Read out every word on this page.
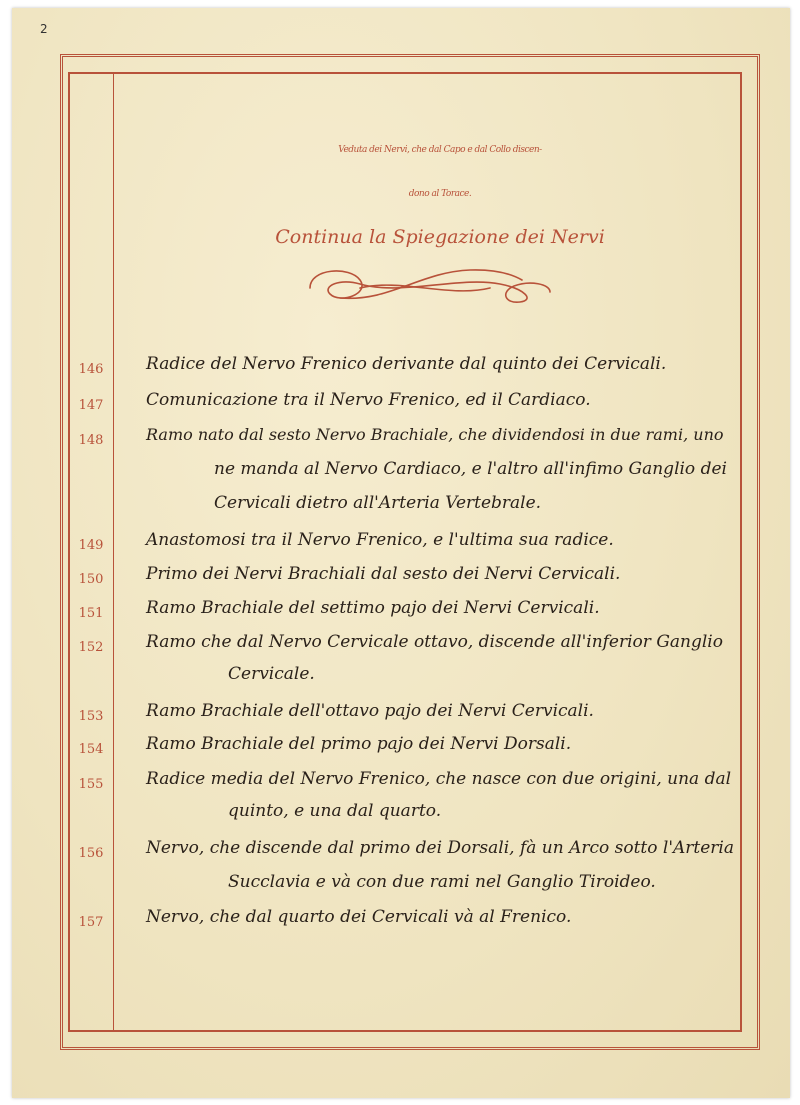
2
Veduta dei Nervi, che dal Capo e dal Collo discen-
dono al Torace.
Continua la Spiegazione dei Nervi
146	Radice del Nervo Frenico derivante dal quinto dei Cervicali.
147	Comunicazione tra il Nervo Frenico, ed il Cardiaco.
148	Ramo nato dal sesto Nervo Brachiale, che dividendosi in due rami, uno
ne manda al Nervo Cardiaco, e l'altro all'infimo Ganglio dei
Cervicali dietro all'Arteria Vertebrale.
149	Anastomosi tra il Nervo Frenico, e l'ultima sua radice.
150	Primo dei Nervi Brachiali dal sesto dei Nervi Cervicali.
151	Ramo Brachiale del settimo pajo dei Nervi Cervicali.
152	Ramo che dal Nervo Cervicale ottavo, discende all'inferior Ganglio
Cervicale.
153	Ramo Brachiale dell'ottavo pajo dei Nervi Cervicali.
154	Ramo Brachiale del primo pajo dei Nervi Dorsali.
155	Radice media del Nervo Frenico, che nasce con due origini, una dal
quinto, e una dal quarto.
156	Nervo, che discende dal primo dei Dorsali, fà un Arco sotto l'Arteria
Succlavia e và con due rami nel Ganglio Tiroideo.
157	Nervo, che dal quarto dei Cervicali và al Frenico.
